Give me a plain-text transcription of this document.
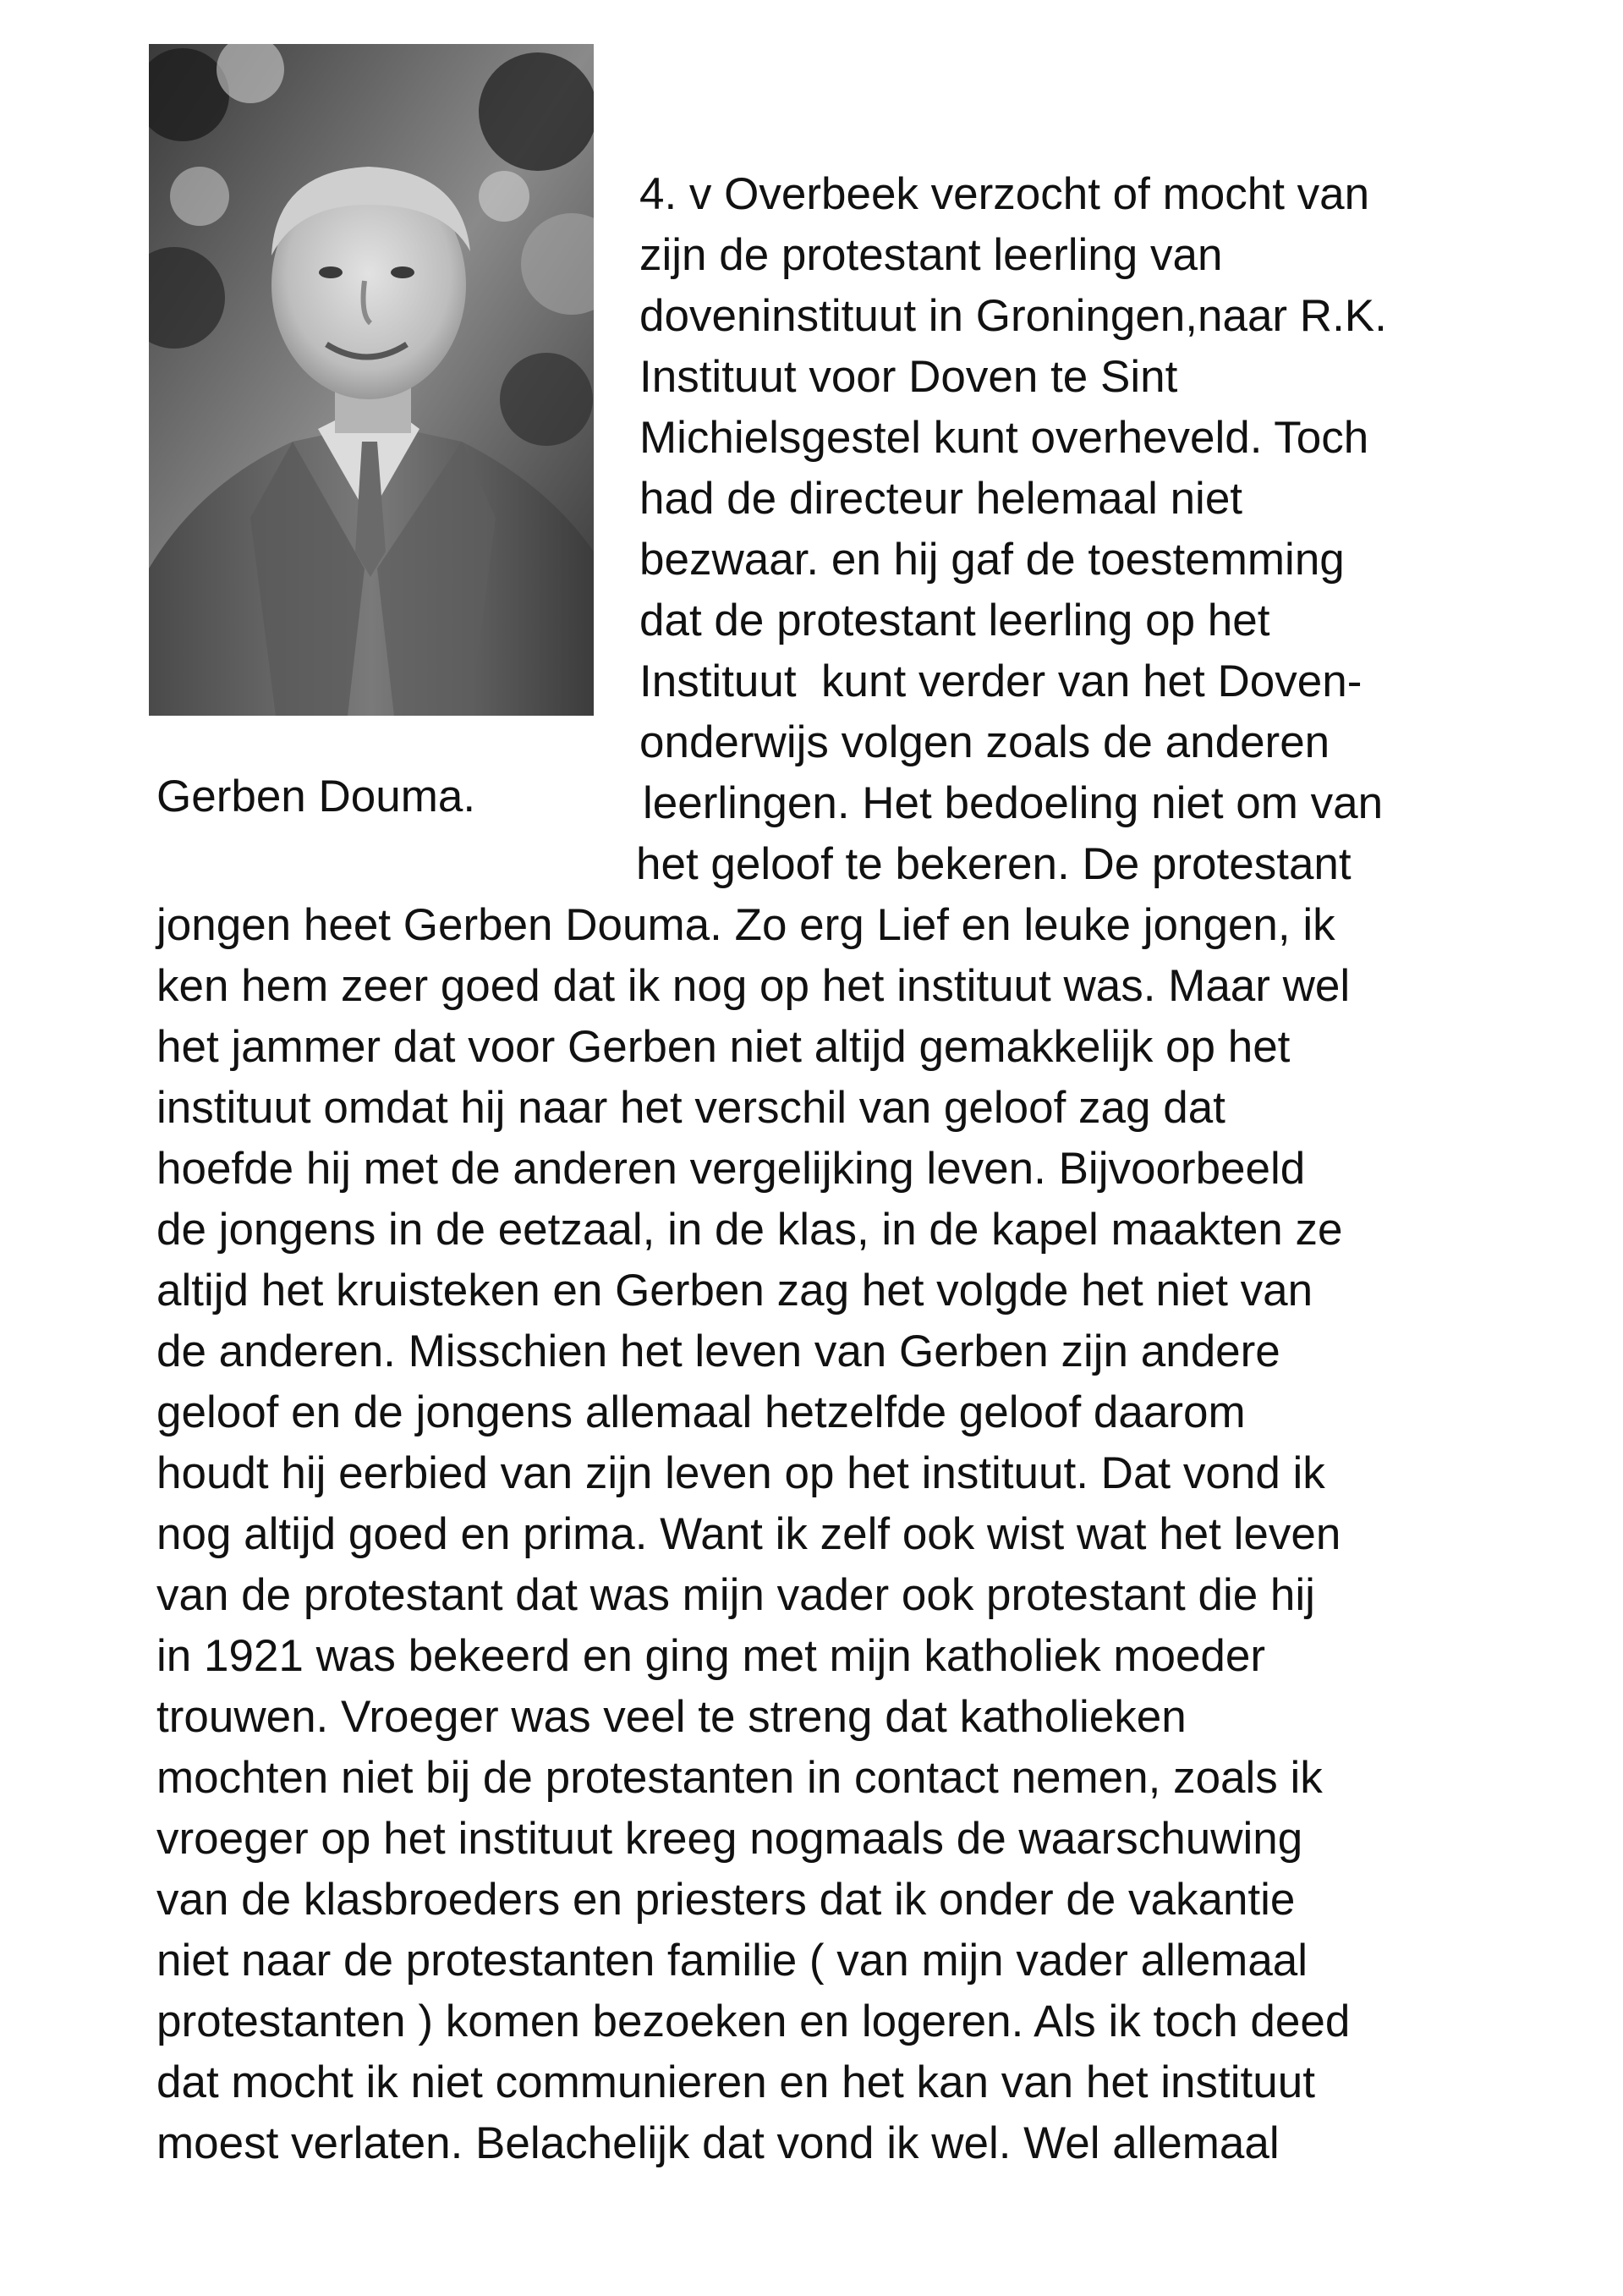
Gerben Douma.
4. v Overbeek verzocht of mocht van
zijn de protestant leerling van
doveninstituut in Groningen,naar R.K.
Instituut voor Doven te Sint
Michielsgestel kunt overheveld. Toch
had de directeur helemaal niet
bezwaar. en hij gaf de toestemming
dat de protestant leerling op het
Instituut  kunt verder van het Doven-
onderwijs volgen zoals de anderen
leerlingen. Het bedoeling niet om van
het geloof te bekeren. De protestant
jongen heet Gerben Douma. Zo erg Lief en leuke jongen, ik
ken hem zeer goed dat ik nog op het instituut was. Maar wel
het jammer dat voor Gerben niet altijd gemakkelijk op het
instituut omdat hij naar het verschil van geloof zag dat
hoefde hij met de anderen vergelijking leven. Bijvoorbeeld
de jongens in de eetzaal, in de klas, in de kapel maakten ze
altijd het kruisteken en Gerben zag het volgde het niet van
de anderen. Misschien het leven van Gerben zijn andere
geloof en de jongens allemaal hetzelfde geloof daarom
houdt hij eerbied van zijn leven op het instituut. Dat vond ik
nog altijd goed en prima. Want ik zelf ook wist wat het leven
van de protestant dat was mijn vader ook protestant die hij
in 1921 was bekeerd en ging met mijn katholiek moeder
trouwen. Vroeger was veel te streng dat katholieken
mochten niet bij de protestanten in contact nemen, zoals ik
vroeger op het instituut kreeg nogmaals de waarschuwing
van de klasbroeders en priesters dat ik onder de vakantie
niet naar de protestanten familie ( van mijn vader allemaal
protestanten ) komen bezoeken en logeren. Als ik toch deed
dat mocht ik niet communieren en het kan van het instituut
moest verlaten. Belachelijk dat vond ik wel. Wel allemaal
